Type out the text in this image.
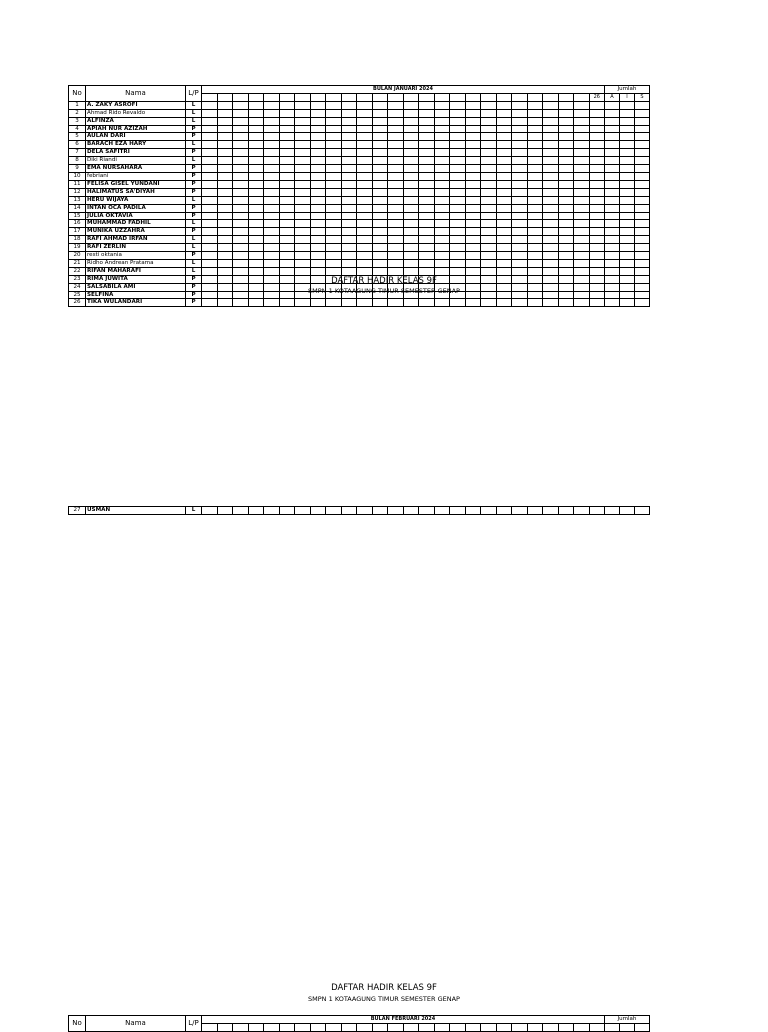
DAFTAR HADIR KELAS 9F
SMPN 1 KOTAAGUNG TIMUR SEMESTER GENAP
No	Nama	L/P	BULAN JANUARI 2024																										Jumlah		
																												26	A	I	S
1	A. ZAKY ASROFI	L																													
2	Ahmad Rido Revaldo	L																													
3	ALFINZA	L																													
4	APIAH NUR AZIZAH	P																													
5	AULAN DARI	P																													
6	BARACH EZA HARY	L																													
7	DELA SAFITRI	P																													
8	Diki Riandi	L																													
9	EMA NURSAHARA	P																													
10	febriani	P																													
11	FELISA GISEL YUNDANI	P																													
12	HALIMATUS SA'DIYAH	P																													
13	HERU WIJAYA	L																													
14	INTAN OCA PADILA	P																													
15	JULIA OKTAVIA	P																													
16	MUHAMMAD FADHIL	L																													
17	MUNIKA UZZAHRA	P																													
18	RAFI AHMAD IRFAN	L																													
19	RAFI ZERLIN	L																													
20	resti oktania	P																													
21	Ridho Andrean Pratama	L																													
22	RIFAN MAHARAFI	L																													
23	RIMA JUWITA	P																													
24	SALSABILA AMI	P																													
25	SELFINA	P																													
26	TIKA WULANDARI	P																													
27	USMAN	L																													
DAFTAR HADIR KELAS 9F
SMPN 1 KOTAAGUNG TIMUR SEMESTER GENAP
No	Nama	L/P	BULAN FEBRUARI 2024																										Jumlah		
